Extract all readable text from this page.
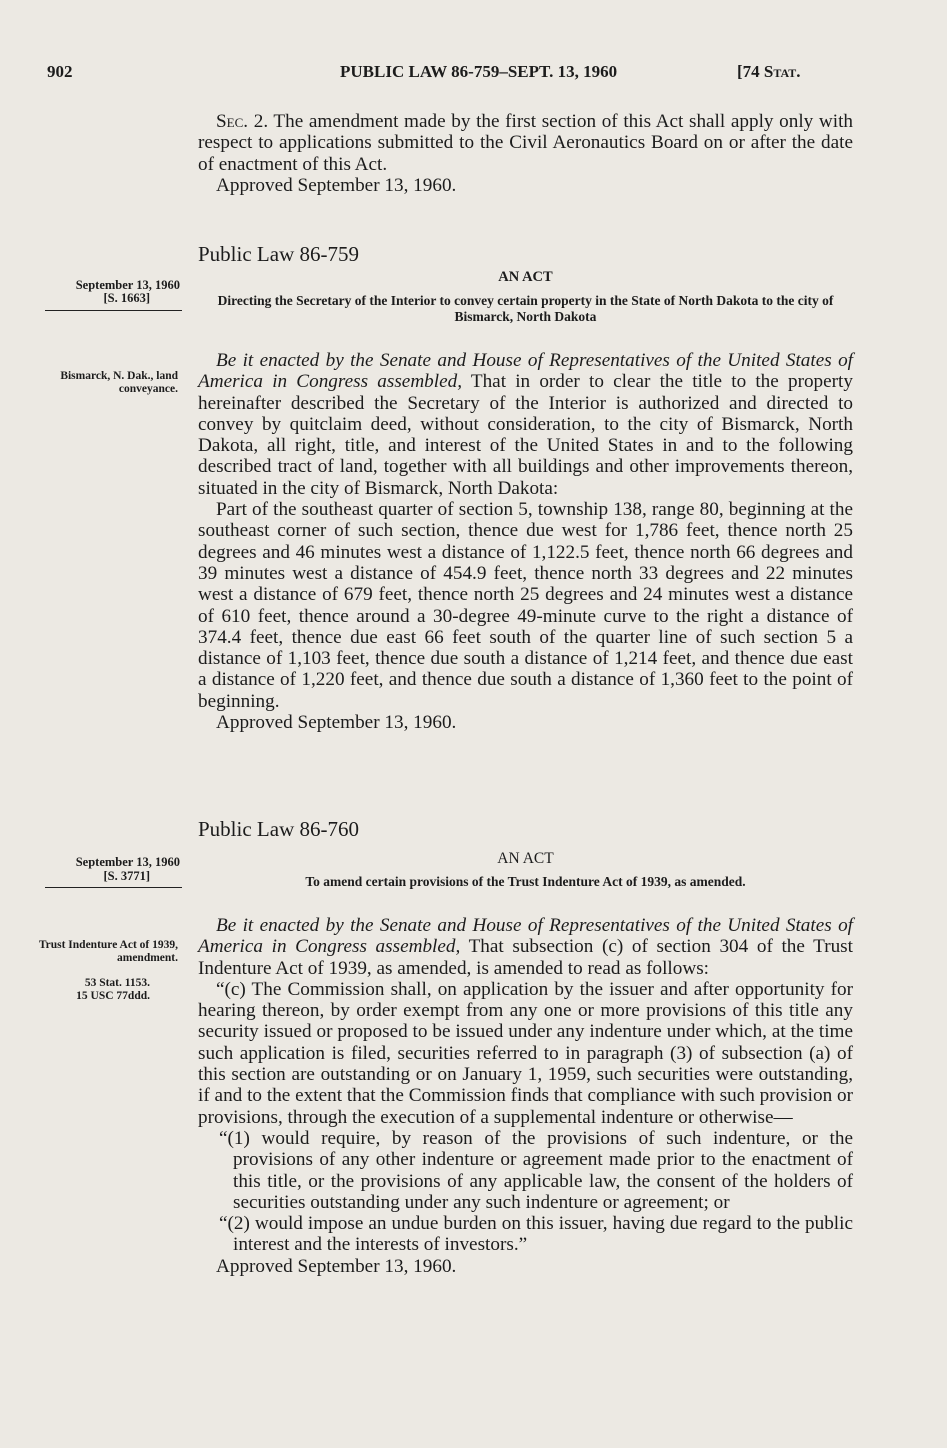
902	PUBLIC LAW 86-759–SEPT. 13, 1960	[74 Stat.

Sec. 2. The amendment made by the first section of this Act shall apply only with respect to applications submitted to the Civil Aeronautics Board on or after the date of enactment of this Act.

Approved September 13, 1960.

Public Law 86-759
AN ACT
September 13, 1960
[S. 1663]	Directing the Secretary of the Interior to convey certain property in the State of North Dakota to the city of Bismarck, North Dakota
Bismarck, N. Dak., land conveyance.

Be it enacted by the Senate and House of Representatives of the United States of America in Congress assembled, That in order to clear the title to the property hereinafter described the Secretary of the Interior is authorized and directed to convey by quitclaim deed, without consideration, to the city of Bismarck, North Dakota, all right, title, and interest of the United States in and to the following described tract of land, together with all buildings and other improvements thereon, situated in the city of Bismarck, North Dakota:

Part of the southeast quarter of section 5, township 138, range 80, beginning at the southeast corner of such section, thence due west for 1,786 feet, thence north 25 degrees and 46 minutes west a distance of 1,122.5 feet, thence north 66 degrees and 39 minutes west a distance of 454.9 feet, thence north 33 degrees and 22 minutes west a distance of 679 feet, thence north 25 degrees and 24 minutes west a distance of 610 feet, thence around a 30-degree 49-minute curve to the right a distance of 374.4 feet, thence due east 66 feet south of the quarter line of such section 5 a distance of 1,103 feet, thence due south a distance of 1,214 feet, and thence due east a distance of 1,220 feet, and thence due south a distance of 1,360 feet to the point of beginning.

Approved September 13, 1960.

Public Law 86-760
AN ACT
September 13, 1960
[S. 3771]	To amend certain provisions of the Trust Indenture Act of 1939, as amended.
Trust Indenture Act of 1939, amendment.
53 Stat. 1153.
15 USC 77ddd.

Be it enacted by the Senate and House of Representatives of the United States of America in Congress assembled, That subsection (c) of section 304 of the Trust Indenture Act of 1939, as amended, is amended to read as follows:

“(c) The Commission shall, on application by the issuer and after opportunity for hearing thereon, by order exempt from any one or more provisions of this title any security issued or proposed to be issued under any indenture under which, at the time such application is filed, securities referred to in paragraph (3) of subsection (a) of this section are outstanding or on January 1, 1959, such securities were outstanding, if and to the extent that the Commission finds that compliance with such provision or provisions, through the execution of a supplemental indenture or otherwise—

“(1) would require, by reason of the provisions of such indenture, or the provisions of any other indenture or agreement made prior to the enactment of this title, or the provisions of any applicable law, the consent of the holders of securities outstanding under any such indenture or agreement; or

“(2) would impose an undue burden on this issuer, having due regard to the public interest and the interests of investors.”

Approved September 13, 1960.
